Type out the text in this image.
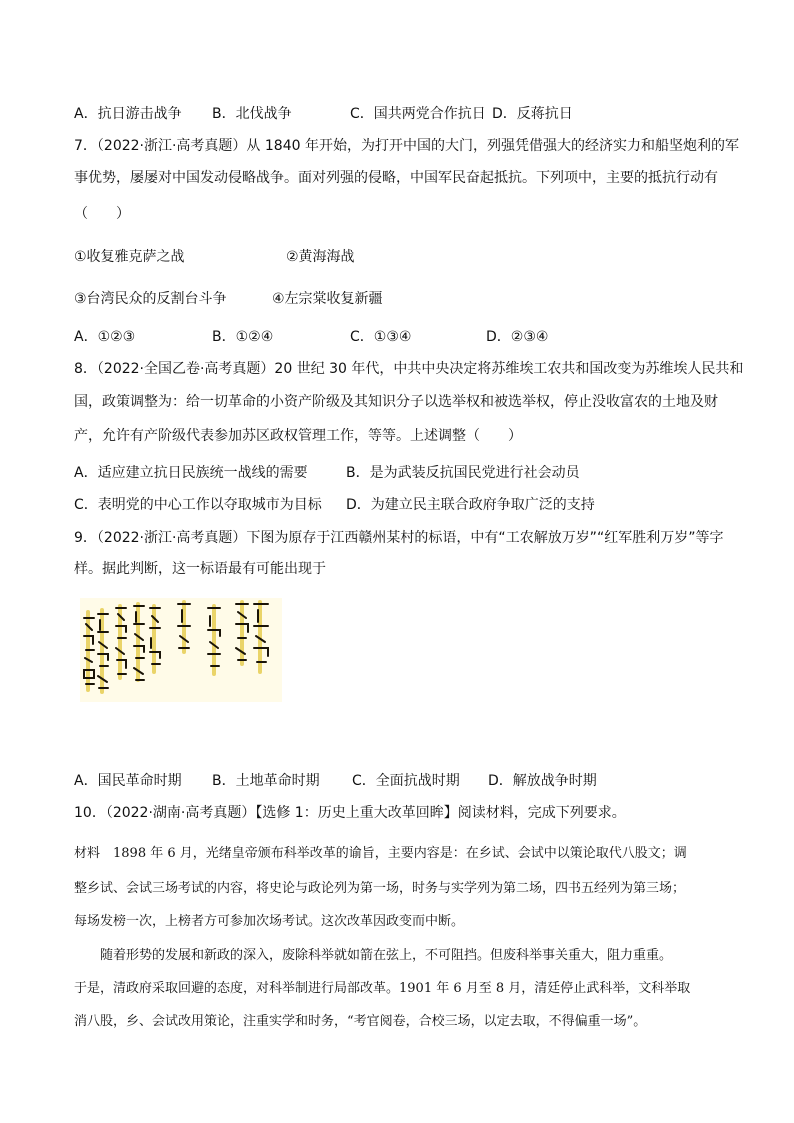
A．抗日游击战争	B．北伐战争	C．国共两党合作抗日 D．反蒋抗日
7．（2022·浙江·高考真题）从 1840 年开始，为打开中国的大门，列强凭借强大的经济实力和船坚炮利的军
事优势，屡屡对中国发动侵略战争。面对列强的侵略，中国军民奋起抵抗。下列项中，主要的抵抗行动有
（　　）
①收复雅克萨之战	②黄海海战
③台湾民众的反割台斗争	④左宗棠收复新疆
A．①②③	B．①②④	C．①③④	D．②③④
8．（2022·全国乙卷·高考真题）20 世纪 30 年代，中共中央决定将苏维埃工农共和国改变为苏维埃人民共和
国，政策调整为：给一切革命的小资产阶级及其知识分子以选举权和被选举权，停止没收富农的土地及财
产，允许有产阶级代表参加苏区政权管理工作，等等。上述调整（　　）
A．适应建立抗日民族统一战线的需要	B．是为武装反抗国民党进行社会动员
C．表明党的中心工作以夺取城市为目标 D．为建立民主联合政府争取广泛的支持
9．（2022·浙江·高考真题）下图为原存于江西赣州某村的标语，中有“工农解放万岁”“红军胜利万岁”等字
样。据此判断，这一标语最有可能出现于
A．国民革命时期	B．土地革命时期	C．全面抗战时期	D．解放战争时期
10．（2022·湖南·高考真题）【选修 1：历史上重大改革回眸】阅读材料，完成下列要求。
材料　1898 年 6 月，光绪皇帝颁布科举改革的谕旨，主要内容是：在乡试、会试中以策论取代八股文；调
整乡试、会试三场考试的内容，将史论与政论列为第一场，时务与实学列为第二场，四书五经列为第三场；
每场发榜一次，上榜者方可参加次场考试。这次改革因政变而中断。
　　随着形势的发展和新政的深入，废除科举就如箭在弦上，不可阻挡。但废科举事关重大，阻力重重。
于是，清政府采取回避的态度，对科举制进行局部改革。1901 年 6 月至 8 月，清廷停止武科举，文科举取
消八股，乡、会试改用策论，注重实学和时务，“考官阅卷，合校三场，以定去取，不得偏重一场”。
